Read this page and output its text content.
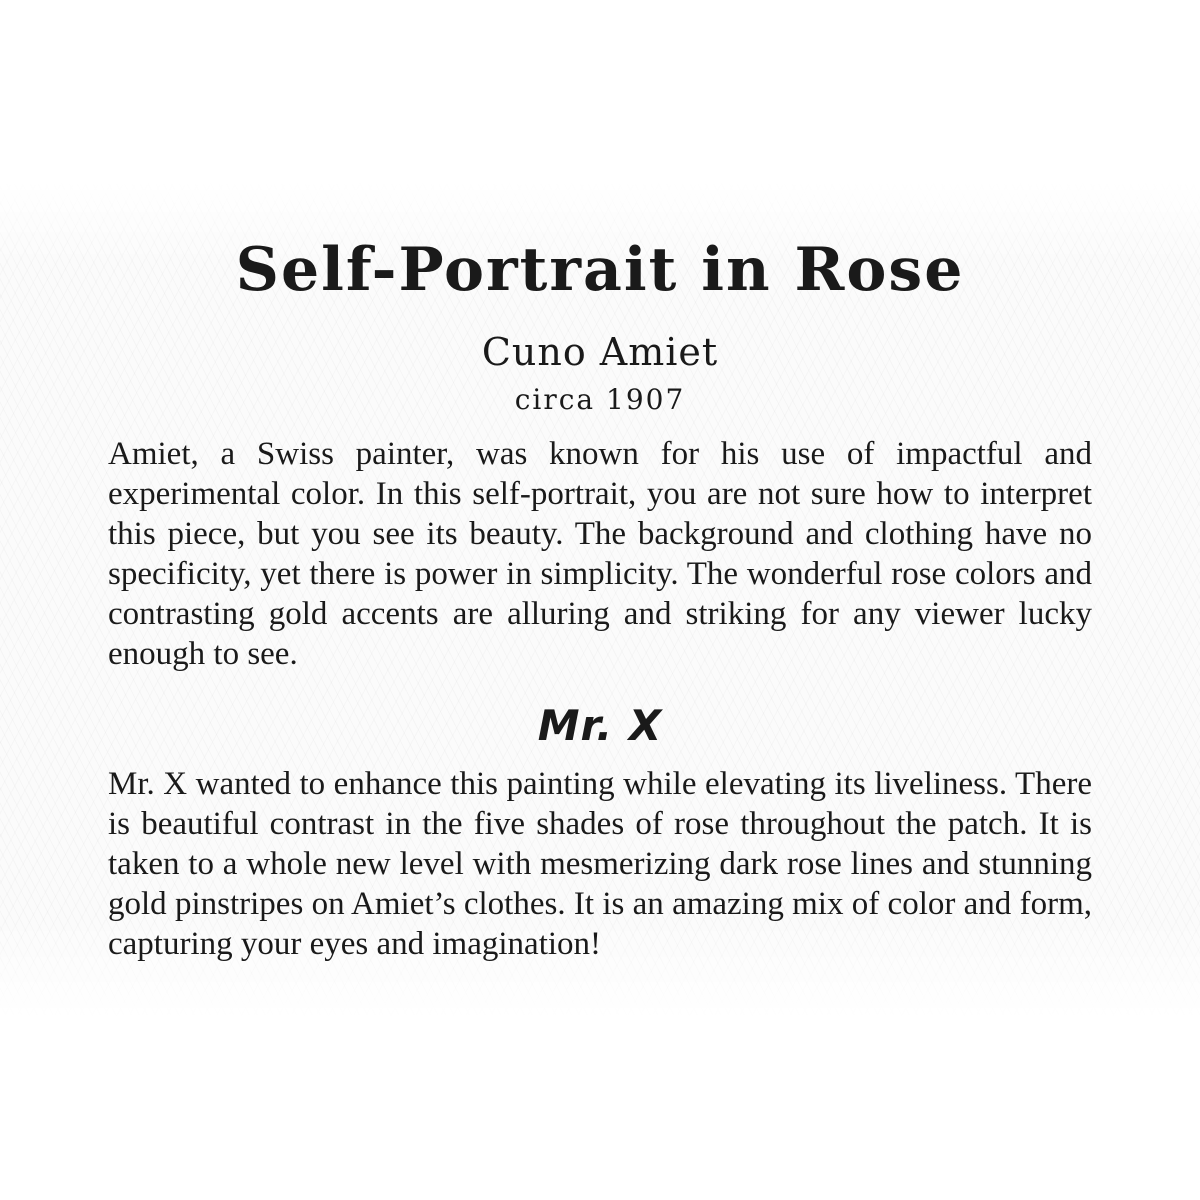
Self-Portrait in Rose
Cuno Amiet
circa 1907

Amiet, a Swiss painter, was known for his use of impactful and experimental color. In this self-portrait, you are not sure how to interpret this piece, but you see its beauty. The background and clothing have no specificity, yet there is power in simplicity. The wonderful rose colors and contrasting gold accents are alluring and striking for any viewer lucky enough to see.

Mr. X

Mr. X wanted to enhance this painting while elevating its liveliness. There is beautiful contrast in the five shades of rose throughout the patch. It is taken to a whole new level with mesmerizing dark rose lines and stunning gold pinstripes on Amiet’s clothes. It is an amazing mix of color and form, capturing your eyes and imagination!
